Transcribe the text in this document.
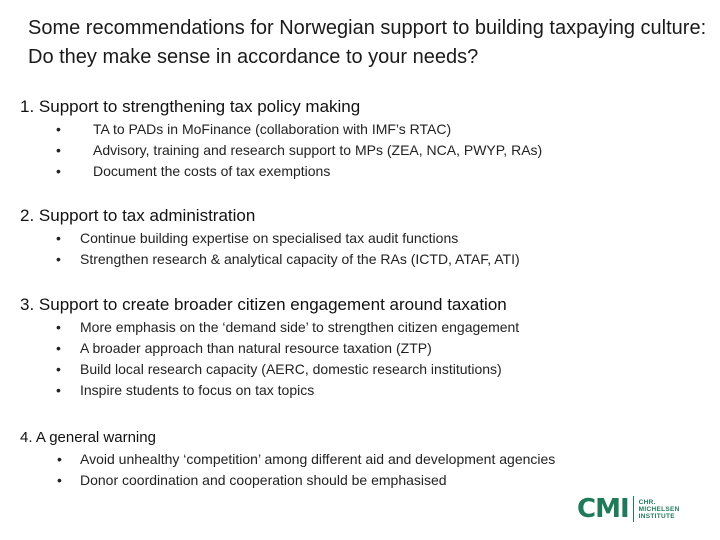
Some recommendations for Norwegian support to building taxpaying culture: Do they make sense in accordance to your needs?
1. Support to strengthening tax policy making
• TA to PADs in MoFinance (collaboration with IMF’s RTAC)
• Advisory, training and research support to MPs (ZEA, NCA, PWYP, RAs)
• Document the costs of tax exemptions
2. Support to tax administration
• Continue building expertise on specialised tax audit functions
• Strengthen research & analytical capacity of the RAs (ICTD, ATAF, ATI)
3. Support to create broader citizen engagement around taxation
• More emphasis on the ‘demand side’ to strengthen citizen engagement
• A broader approach than natural resource taxation (ZTP)
• Build local research capacity (AERC, domestic research institutions)
• Inspire students to focus on tax topics
4. A general warning
• Avoid unhealthy ‘competition’ among different aid and development agencies
• Donor coordination and cooperation should be emphasised
CMI CHR.
MICHELSEN
INSTITUTE
